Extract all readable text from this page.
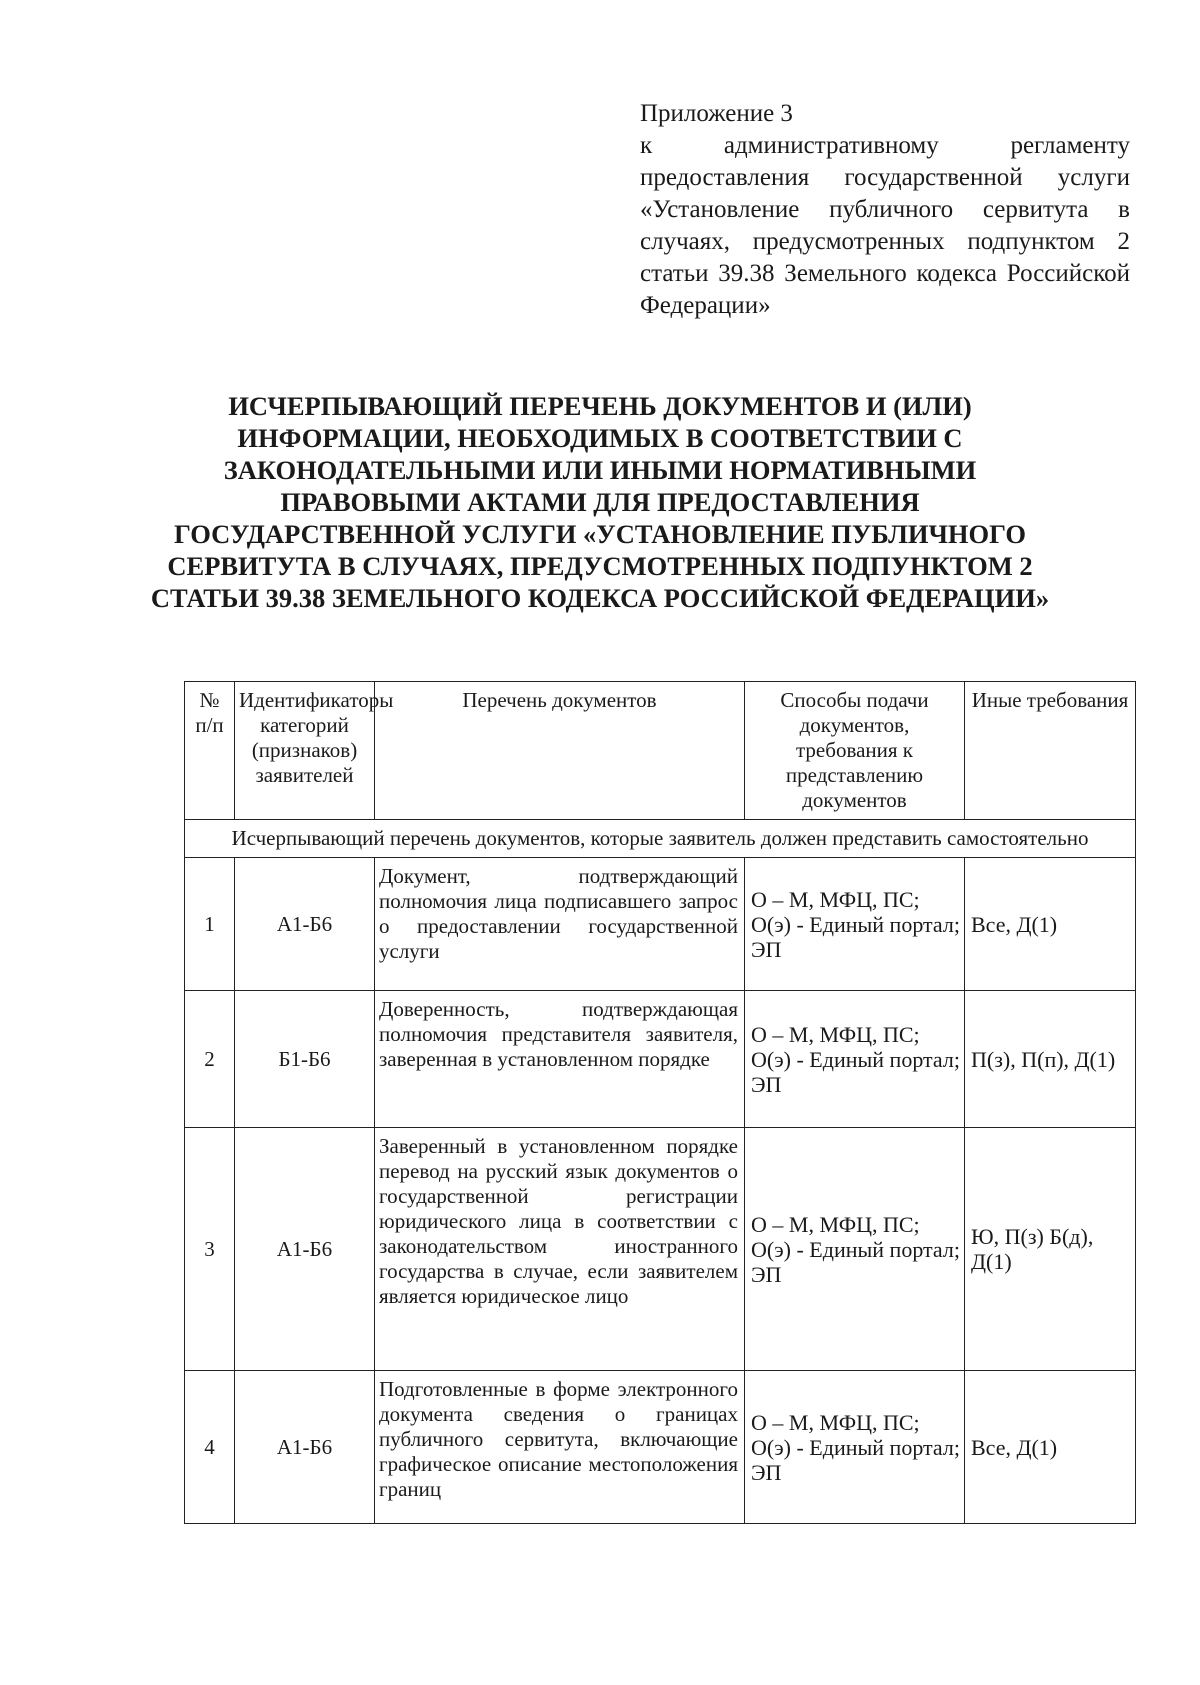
Приложение 3
к административному регламенту предоставления государственной услуги «Установление публичного сервитута в случаях, предусмотренных подпунктом 2 статьи 39.38 Земельного кодекса Российской Федерации»
ИСЧЕРПЫВАЮЩИЙ ПЕРЕЧЕНЬ ДОКУМЕНТОВ И (ИЛИ) ИНФОРМАЦИИ, НЕОБХОДИМЫХ В СООТВЕТСТВИИ С ЗАКОНОДАТЕЛЬНЫМИ ИЛИ ИНЫМИ НОРМАТИВНЫМИ ПРАВОВЫМИ АКТАМИ ДЛЯ ПРЕДОСТАВЛЕНИЯ ГОСУДАРСТВЕННОЙ УСЛУГИ «УСТАНОВЛЕНИЕ ПУБЛИЧНОГО СЕРВИТУТА В СЛУЧАЯХ, ПРЕДУСМОТРЕННЫХ ПОДПУНКТОМ 2 СТАТЬИ 39.38 ЗЕМЕЛЬНОГО КОДЕКСА РОССИЙСКОЙ ФЕДЕРАЦИИ»
№ п/п	Идентификаторы категорий (признаков) заявителей	Перечень документов	Способы подачи документов, требования к представлению документов	Иные требования
Исчерпывающий перечень документов, которые заявитель должен представить самостоятельно				
1	А1-Б6	Документ, подтверждающий полномочия лица подписавшего запрос о предоставлении государственной услуги	О – М, МФЦ, ПС; О(э) - Единый портал; ЭП	Все, Д(1)
2	Б1-Б6	Доверенность, подтверждающая полномочия представителя заявителя, заверенная в установленном порядке	О – М, МФЦ, ПС; О(э) - Единый портал; ЭП	П(з), П(п), Д(1)
3	А1-Б6	Заверенный в установленном порядке перевод на русский язык документов о государственной регистрации юридического лица в соответствии с законодательством иностранного государства в случае, если заявителем является юридическое лицо	О – М, МФЦ, ПС; О(э) - Единый портал; ЭП	Ю, П(з) Б(д), Д(1)
4	А1-Б6	Подготовленные в форме электронного документа сведения о границах публичного сервитута, включающие графическое описание местоположения границ	О – М, МФЦ, ПС; О(э) - Единый портал; ЭП	Все, Д(1)
